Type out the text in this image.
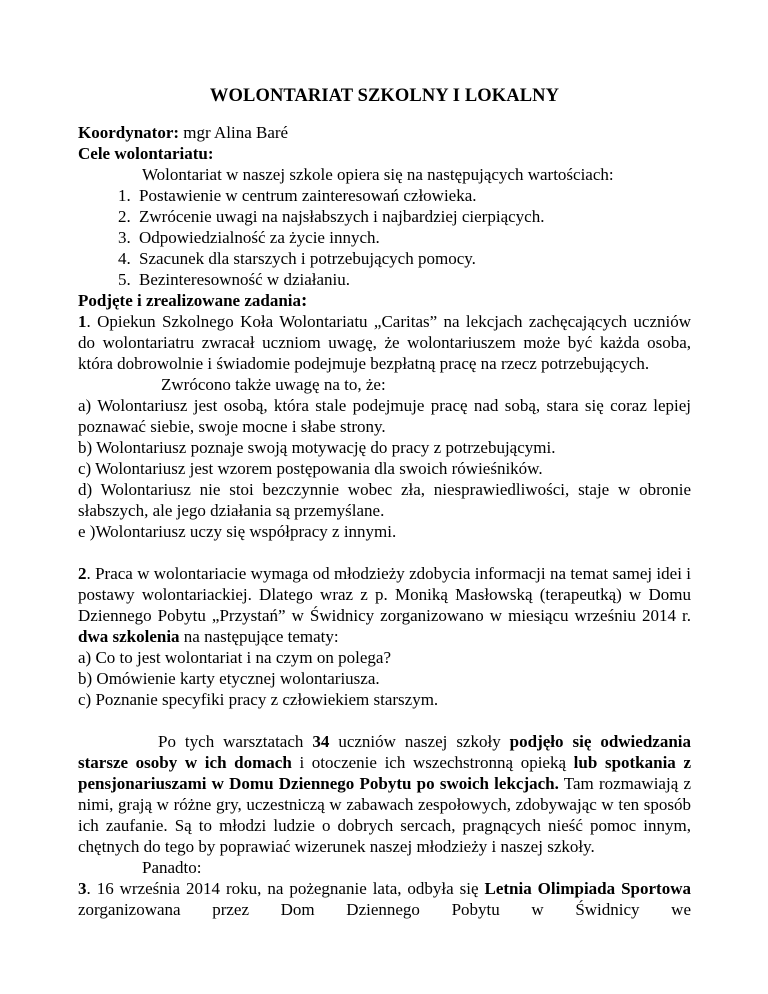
WOLONTARIAT SZKOLNY I LOKALNY

Koordynator: mgr Alina Baré

Cele wolontariatu:

Wolontariat w naszej szkole opiera się na następujących wartościach:

1. Postawienie w centrum zainteresowań człowieka.
2. Zwrócenie uwagi na najsłabszych i najbardziej cierpiących.
3. Odpowiedzialność za życie innych.
4. Szacunek dla starszych i potrzebujących pomocy.
5. Bezinteresowność w działaniu.

Podjęte i zrealizowane zadania:

1. Opiekun Szkolnego Koła Wolontariatu „Caritas” na lekcjach zachęcających uczniów do wolontariatru zwracał uczniom uwagę, że wolontariuszem może być każda osoba, która dobrowolnie i świadomie podejmuje bezpłatną pracę na rzecz potrzebujących.

Zwrócono także uwagę na to, że:

a) Wolontariusz jest osobą, która stale podejmuje pracę nad sobą, stara się coraz lepiej poznawać siebie, swoje mocne i słabe strony.

b) Wolontariusz poznaje swoją motywację do pracy z potrzebującymi.

c) Wolontariusz jest wzorem postępowania dla swoich rówieśników.

d) Wolontariusz nie stoi bezczynnie wobec zła, niesprawiedliwości, staje w obronie słabszych, ale jego działania są przemyślane.

e )Wolontariusz uczy się współpracy z innymi.

2. Praca w wolontariacie wymaga od młodzieży zdobycia informacji na temat samej idei i postawy wolontariackiej. Dlatego wraz z p. Moniką Masłowską (terapeutką) w Domu Dziennego Pobytu „Przystań” w Świdnicy zorganizowano w miesiącu wrześniu 2014 r. dwa szkolenia na następujące tematy:

a) Co to jest wolontariat i na czym on polega?

b) Omówienie karty etycznej wolontariusza.

c) Poznanie specyfiki pracy z człowiekiem starszym.

Po tych warsztatach 34 uczniów naszej szkoły podjęło się odwiedzania starsze osoby w ich domach i otoczenie ich wszechstronną opieką lub spotkania z pensjonariuszami w Domu Dziennego Pobytu po swoich lekcjach. Tam rozmawiają z nimi, grają w różne gry, uczestniczą w zabawach zespołowych, zdobywając w ten sposób ich zaufanie. Są to młodzi ludzie o dobrych sercach, pragnących nieść pomoc innym, chętnych do tego by poprawiać wizerunek naszej młodzieży i naszej szkoły.

Panadto:

3. 16 września 2014 roku, na pożegnanie lata, odbyła się Letnia Olimpiada Sportowa zorganizowana przez Dom Dziennego Pobytu w Świdnicy we
